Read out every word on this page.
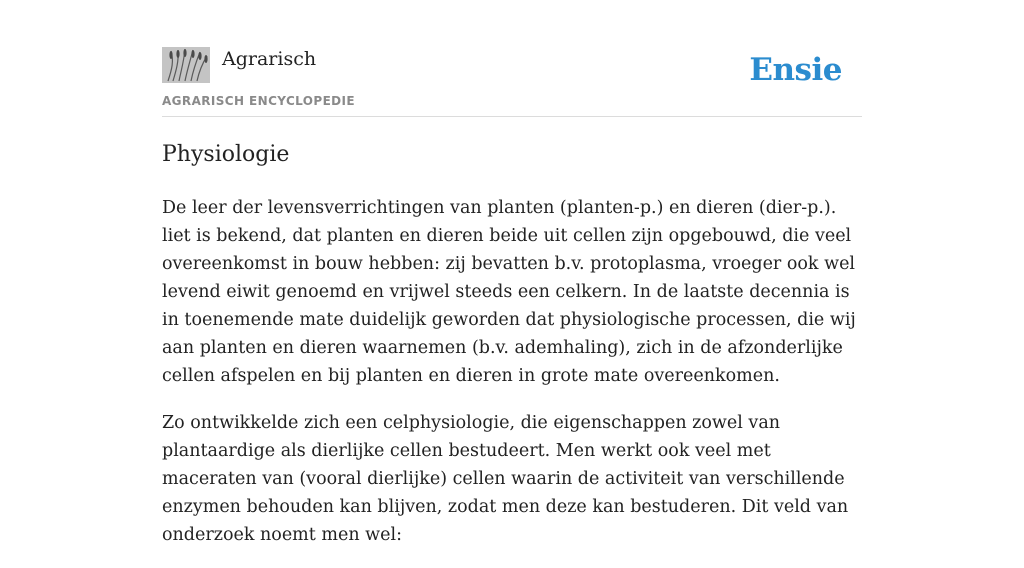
Agrarisch
AGRARISCH ENCYCLOPEDIE
Ensie
Physiologie

De leer der levensverrichtingen van planten (planten-p.) en dieren (dier-p.). liet is bekend, dat planten en dieren beide uit cellen zijn opgebouwd, die veel overeenkomst in bouw hebben: zij bevatten b.v. protoplasma, vroeger ook wel levend eiwit genoemd en vrijwel steeds een celkern. In de laatste decennia is in toenemende mate duidelijk geworden dat physiologische processen, die wij aan planten en dieren waarnemen (b.v. ademhaling), zich in de afzonderlijke cellen afspelen en bij planten en dieren in grote mate overeenkomen.

Zo ontwikkelde zich een celphysiologie, die eigenschappen zowel van plantaardige als dierlijke cellen bestudeert. Men werkt ook veel met maceraten van (vooral dierlijke) cellen waarin de activiteit van verschillende enzymen behouden kan blijven, zodat men deze kan bestuderen. Dit veld van onderzoek noemt men wel:
